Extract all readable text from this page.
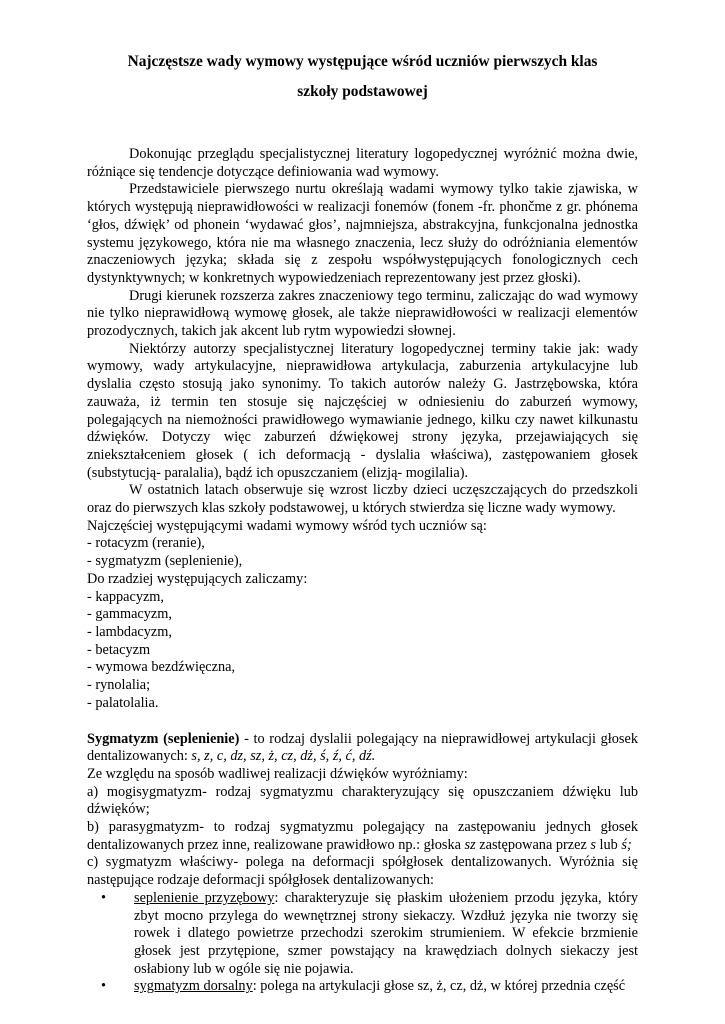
Najczęstsze wady wymowy występujące wśród uczniów pierwszych klas
szkoły podstawowej

Dokonując przeglądu specjalistycznej literatury logopedycznej wyróżnić można dwie, różniące się tendencje dotyczące definiowania wad wymowy.

Przedstawiciele pierwszego nurtu określają wadami wymowy tylko takie zjawiska, w których występują nieprawidłowości w realizacji fonemów (fonem -fr. phončme z gr. phónema ‘głos, dźwięk’ od phonein ‘wydawać głos’, najmniejsza, abstrakcyjna, funkcjonalna jednostka systemu językowego, która nie ma własnego znaczenia, lecz służy do odróżniania elementów znaczeniowych języka; składa się z zespołu współwystępujących fonologicznych cech dystynktywnych; w konkretnych wypowiedzeniach reprezentowany jest przez głoski).

Drugi kierunek rozszerza zakres znaczeniowy tego terminu, zaliczając do wad wymowy nie tylko nieprawidłową wymowę głosek, ale także nieprawidłowości w realizacji elementów prozodycznych, takich jak akcent lub rytm wypowiedzi słownej.

Niektórzy autorzy specjalistycznej literatury logopedycznej terminy takie jak: wady wymowy, wady artykulacyjne, nieprawidłowa artykulacja, zaburzenia artykulacyjne lub dyslalia często stosują jako synonimy. To takich autorów należy G. Jastrzębowska, która zauważa, iż termin ten stosuje się najczęściej w odniesieniu do zaburzeń wymowy, polegających na niemożności prawidłowego wymawianie jednego, kilku czy nawet kilkunastu dźwięków. Dotyczy więc zaburzeń dźwiękowej strony języka, przejawiających się zniekształceniem głosek ( ich deformacją - dyslalia właściwa), zastępowaniem głosek (substytucją- paralalia), bądź ich opuszczaniem (elizją- mogilalia).

W ostatnich latach obserwuje się wzrost liczby dzieci uczęszczających do przedszkoli oraz do pierwszych klas szkoły podstawowej, u których stwierdza się liczne wady wymowy.

Najczęściej występującymi wadami wymowy wśród tych uczniów są:

- rotacyzm (reranie),

- sygmatyzm (seplenienie),

Do rzadziej występujących zaliczamy:

- kappacyzm,

- gammacyzm,

- lambdacyzm,

- betacyzm

- wymowa bezdźwięczna,

- rynolalia;

- palatolalia.

Sygmatyzm (seplenienie) - to rodzaj dyslalii polegający na nieprawidłowej artykulacji głosek dentalizowanych: s, z, c, dz, sz, ż, cz, dż, ś, ź, ć, dź.

Ze względu na sposób wadliwej realizacji dźwięków wyróżniamy:

a) mogisygmatyzm- rodzaj sygmatyzmu charakteryzujący się opuszczaniem dźwięku lub dźwięków;

b) parasygmatyzm- to rodzaj sygmatyzmu polegający na zastępowaniu jednych głosek dentalizowanych przez inne, realizowane prawidłowo np.: głoska sz zastępowana przez s lub ś;

c) sygmatyzm właściwy- polega na deformacji spółgłosek dentalizowanych. Wyróżnia się następujące rodzaje deformacji spółgłosek dentalizowanych:

•	seplenienie przyzębowy: charakteryzuje się płaskim ułożeniem przodu języka, który zbyt mocno przylega do wewnętrznej strony siekaczy. Wzdłuż języka nie tworzy się rowek i dlatego powietrze przechodzi szerokim strumieniem. W efekcie brzmienie głosek jest przytępione, szmer powstający na krawędziach dolnych siekaczy jest osłabiony lub w ogóle się nie pojawia.
•	sygmatyzm dorsalny: polega na artykulacji głose sz, ż, cz, dż, w której przednia część
